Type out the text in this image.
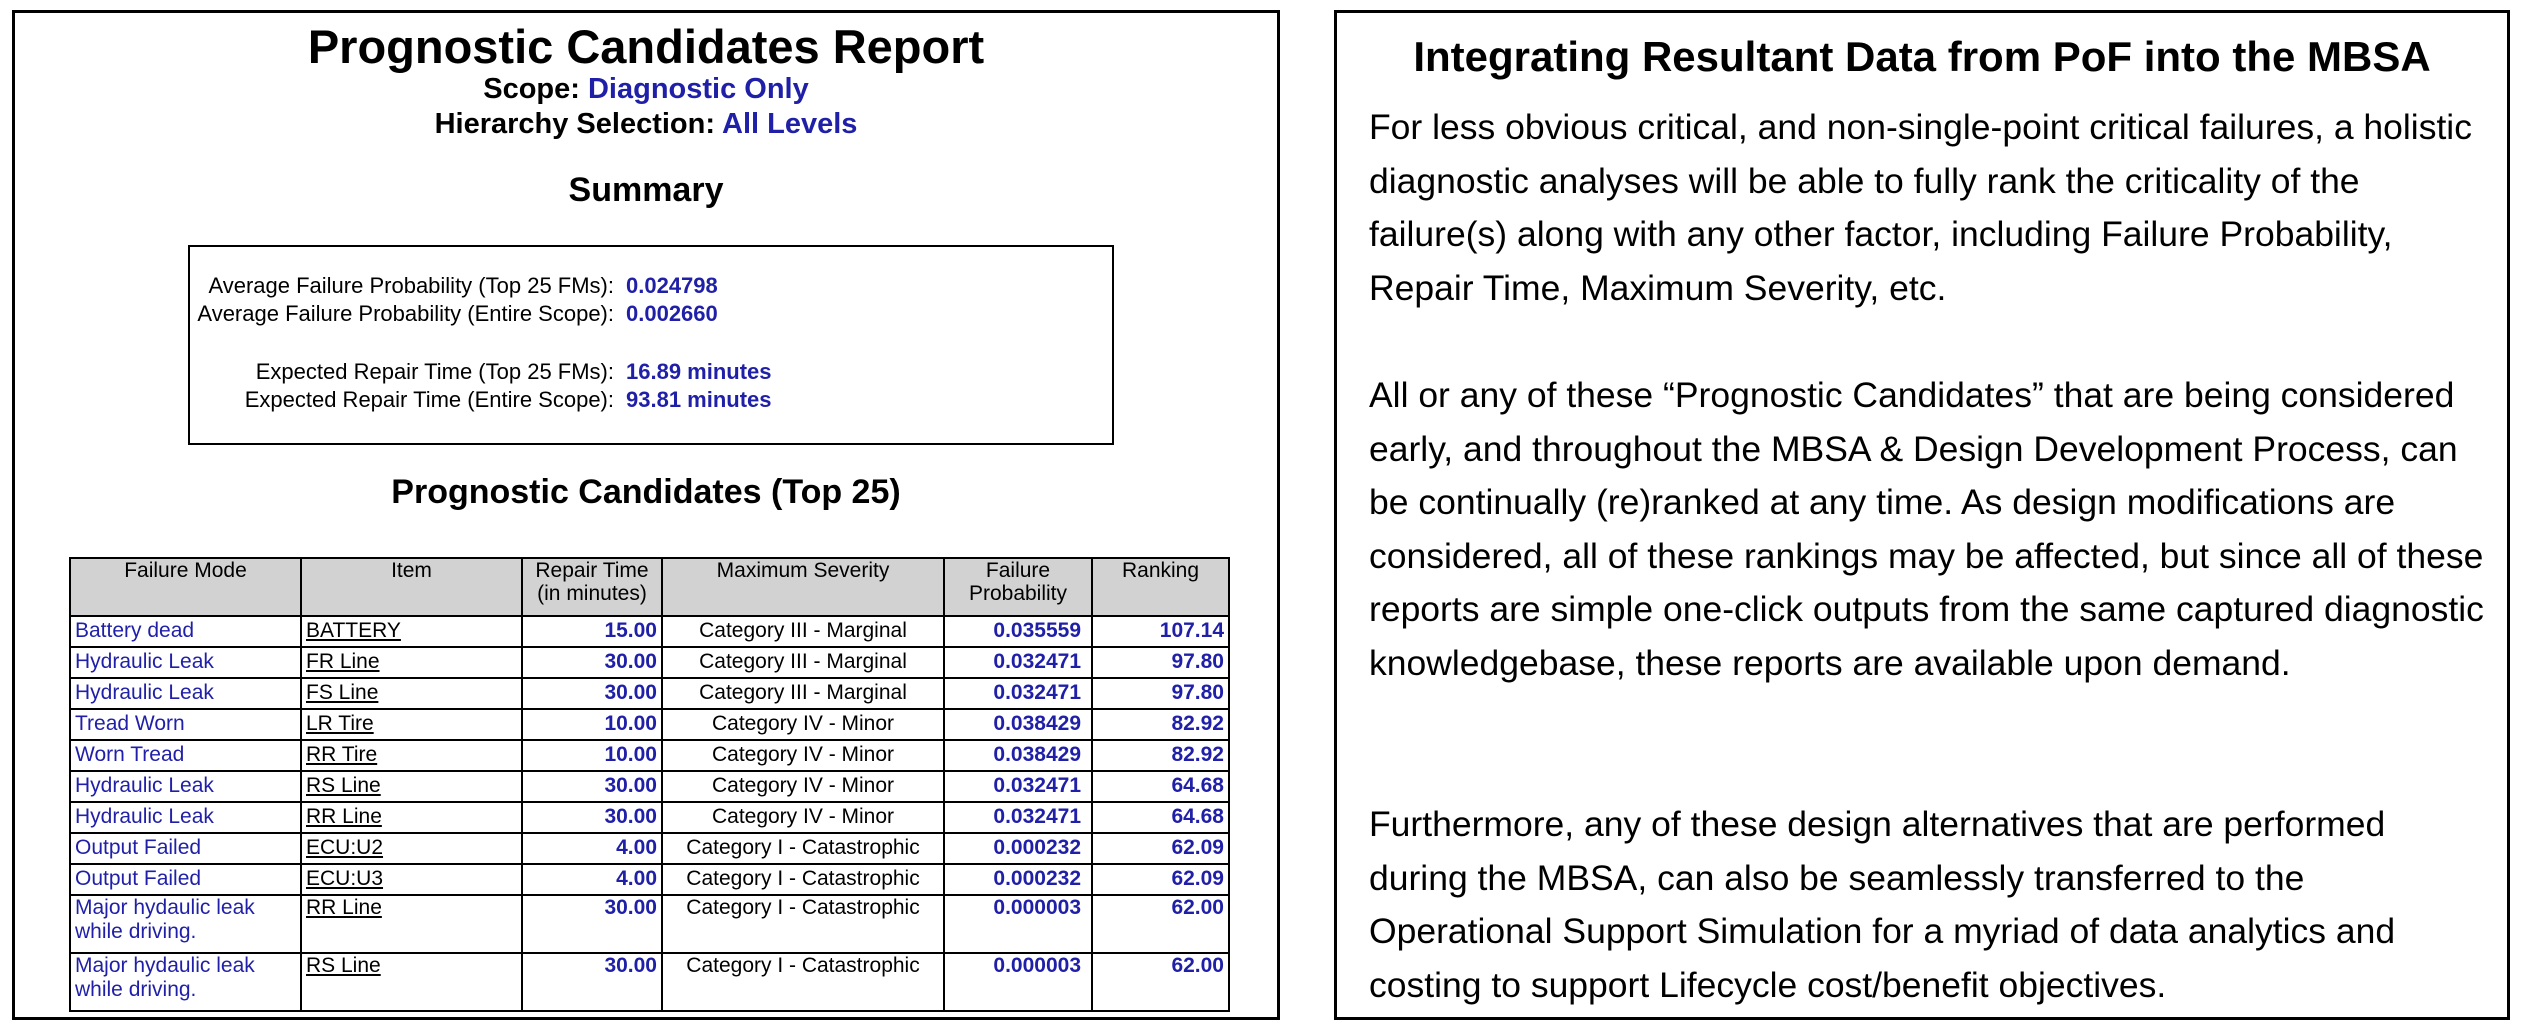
Prognostic Candidates Report
Scope: Diagnostic Only
Hierarchy Selection: All Levels
Summary
Average Failure Probability (Top 25 FMs): 0.024798
Average Failure Probability (Entire Scope): 0.002660
Expected Repair Time (Top 25 FMs): 16.89 minutes
Expected Repair Time (Entire Scope): 93.81 minutes
Prognostic Candidates (Top 25)
Failure Mode	Item	Repair Time (in minutes)	Maximum Severity	Failure Probability	Ranking
Battery dead	BATTERY	15.00	Category III - Marginal	0.035559	107.14
Hydraulic Leak	FR Line	30.00	Category III - Marginal	0.032471	97.80
Hydraulic Leak	FS Line	30.00	Category III - Marginal	0.032471	97.80
Tread Worn	LR Tire	10.00	Category IV - Minor	0.038429	82.92
Worn Tread	RR Tire	10.00	Category IV - Minor	0.038429	82.92
Hydraulic Leak	RS Line	30.00	Category IV - Minor	0.032471	64.68
Hydraulic Leak	RR Line	30.00	Category IV - Minor	0.032471	64.68
Output Failed	ECU:U2	4.00	Category I - Catastrophic	0.000232	62.09
Output Failed	ECU:U3	4.00	Category I - Catastrophic	0.000232	62.09
Major hydaulic leak while driving.	RR Line	30.00	Category I - Catastrophic	0.000003	62.00
Major hydaulic leak while driving.	RS Line	30.00	Category I - Catastrophic	0.000003	62.00
Integrating Resultant Data from PoF into the MBSA
For less obvious critical, and non-single-point critical failures, a holistic diagnostic analyses will be able to fully rank the criticality of the failure(s) along with any other factor, including Failure Probability, Repair Time, Maximum Severity, etc.
All or any of these “Prognostic Candidates” that are being considered early, and throughout the MBSA & Design Development Process, can be continually (re)ranked at any time. As design modifications are considered, all of these rankings may be affected, but since all of these reports are simple one-click outputs from the same captured diagnostic knowledgebase, these reports are available upon demand.
Furthermore, any of these design alternatives that are performed during the MBSA, can also be seamlessly transferred to the Operational Support Simulation for a myriad of data analytics and costing to support Lifecycle cost/benefit objectives.
